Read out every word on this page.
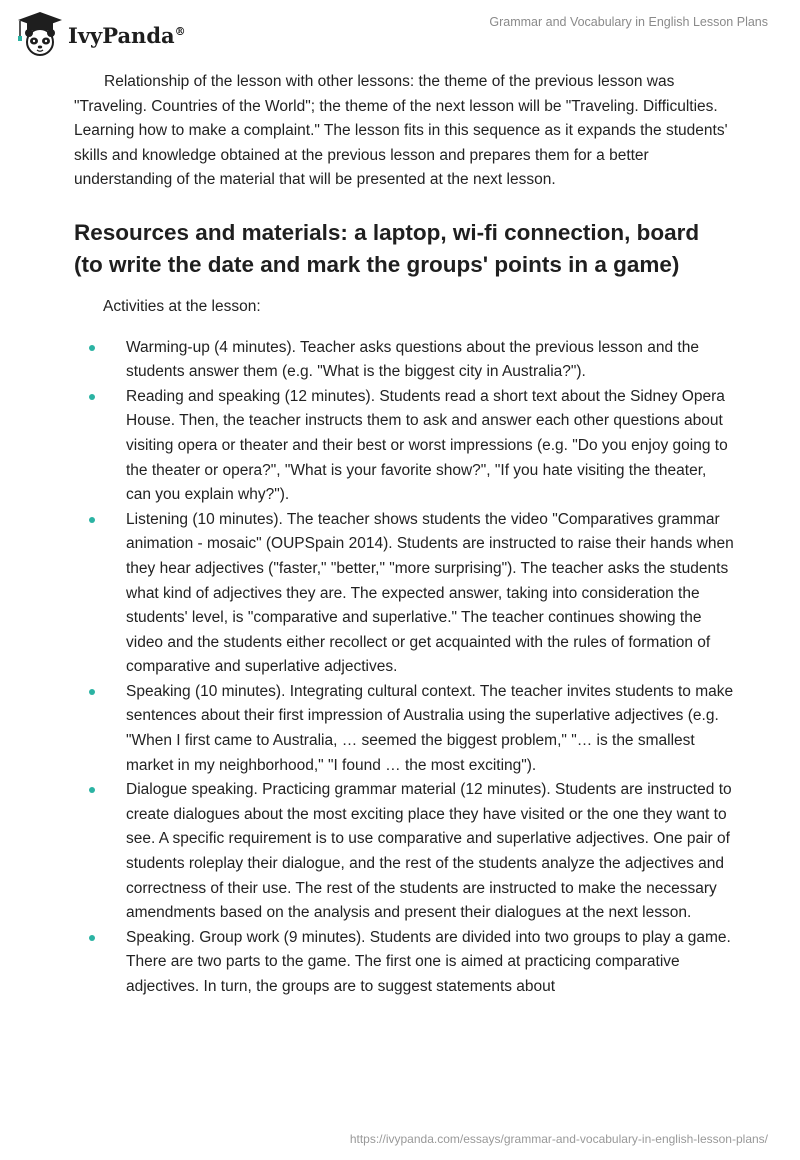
IvyPanda®
Grammar and Vocabulary in English Lesson Plans

Relationship of the lesson with other lessons: the theme of the previous lesson was "Traveling. Countries of the World"; the theme of the next lesson will be "Traveling. Difficulties. Learning how to make a complaint." The lesson fits in this sequence as it expands the students' skills and knowledge obtained at the previous lesson and prepares them for a better understanding of the material that will be presented at the next lesson.

Resources and materials: a laptop, wi-fi connection, board (to write the date and mark the groups' points in a game)

Activities at the lesson:

Warming-up (4 minutes). Teacher asks questions about the previous lesson and the students answer them (e.g. "What is the biggest city in Australia?").
Reading and speaking (12 minutes). Students read a short text about the Sidney Opera House. Then, the teacher instructs them to ask and answer each other questions about visiting opera or theater and their best or worst impressions (e.g. "Do you enjoy going to the theater or opera?", "What is your favorite show?", "If you hate visiting the theater, can you explain why?").
Listening (10 minutes). The teacher shows students the video "Comparatives grammar animation - mosaic" (OUPSpain 2014). Students are instructed to raise their hands when they hear adjectives ("faster," "better," "more surprising"). The teacher asks the students what kind of adjectives they are. The expected answer, taking into consideration the students' level, is "comparative and superlative." The teacher continues showing the video and the students either recollect or get acquainted with the rules of formation of comparative and superlative adjectives.
Speaking (10 minutes). Integrating cultural context. The teacher invites students to make sentences about their first impression of Australia using the superlative adjectives (e.g. "When I first came to Australia, … seemed the biggest problem," "… is the smallest market in my neighborhood," "I found … the most exciting").
Dialogue speaking. Practicing grammar material (12 minutes). Students are instructed to create dialogues about the most exciting place they have visited or the one they want to see. A specific requirement is to use comparative and superlative adjectives. One pair of students roleplay their dialogue, and the rest of the students analyze the adjectives and correctness of their use. The rest of the students are instructed to make the necessary amendments based on the analysis and present their dialogues at the next lesson.
Speaking. Group work (9 minutes). Students are divided into two groups to play a game. There are two parts to the game. The first one is aimed at practicing comparative adjectives. In turn, the groups are to suggest statements about
https://ivypanda.com/essays/grammar-and-vocabulary-in-english-lesson-plans/
